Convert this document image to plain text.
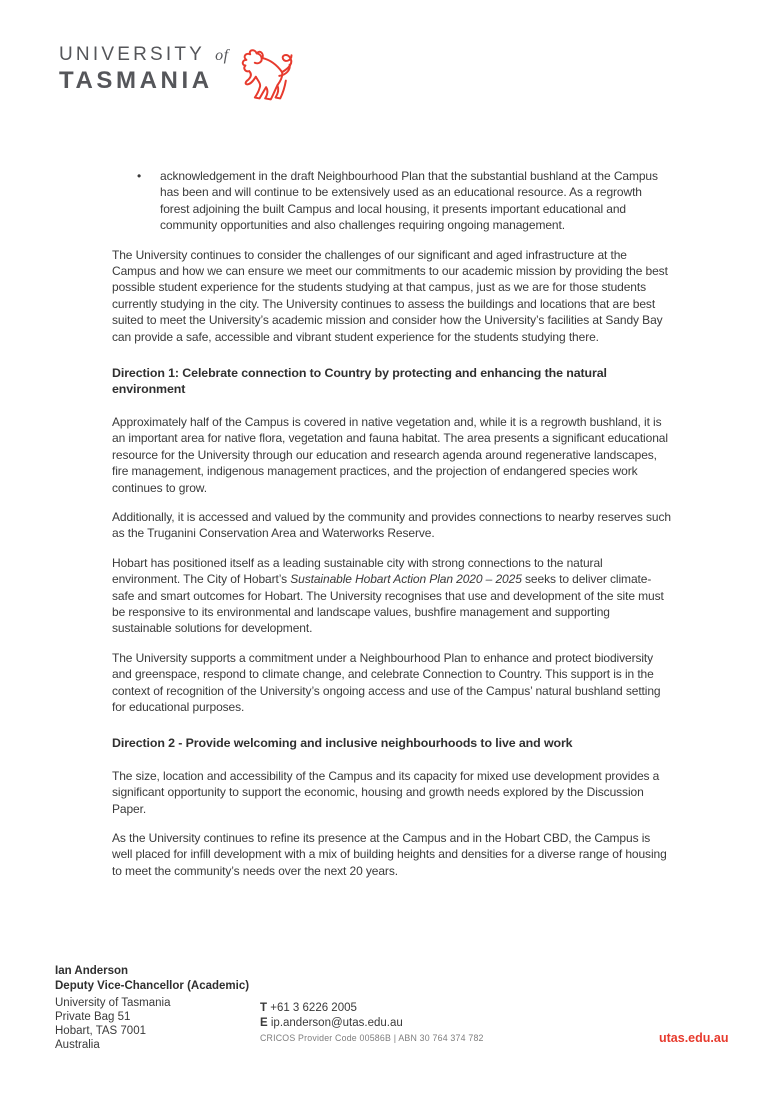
UNIVERSITY of
TASMANIA
•	acknowledgement in the draft Neighbourhood Plan that the substantial bushland at the Campus has been and will continue to be extensively used as an educational resource. As a regrowth forest adjoining the built Campus and local housing, it presents important educational and community opportunities and also challenges requiring ongoing management.

The University continues to consider the challenges of our significant and aged infrastructure at the Campus and how we can ensure we meet our commitments to our academic mission by providing the best possible student experience for the students studying at that campus, just as we are for those students currently studying in the city. The University continues to assess the buildings and locations that are best suited to meet the University’s academic mission and consider how the University’s facilities at Sandy Bay can provide a safe, accessible and vibrant student experience for the students studying there.

Direction 1: Celebrate connection to Country by protecting and enhancing the natural environment

Approximately half of the Campus is covered in native vegetation and, while it is a regrowth bushland, it is an important area for native flora, vegetation and fauna habitat. The area presents a significant educational resource for the University through our education and research agenda around regenerative landscapes, fire management, indigenous management practices, and the projection of endangered species work continues to grow.

Additionally, it is accessed and valued by the community and provides connections to nearby reserves such as the Truganini Conservation Area and Waterworks Reserve.

Hobart has positioned itself as a leading sustainable city with strong connections to the natural environment. The City of Hobart’s Sustainable Hobart Action Plan 2020 – 2025 seeks to deliver climate-safe and smart outcomes for Hobart. The University recognises that use and development of the site must be responsive to its environmental and landscape values, bushfire management and supporting sustainable solutions for development.

The University supports a commitment under a Neighbourhood Plan to enhance and protect biodiversity and greenspace, respond to climate change, and celebrate Connection to Country. This support is in the context of recognition of the University’s ongoing access and use of the Campus’ natural bushland setting for educational purposes.

Direction 2 - Provide welcoming and inclusive neighbourhoods to live and work

The size, location and accessibility of the Campus and its capacity for mixed use development provides a significant opportunity to support the economic, housing and growth needs explored by the Discussion Paper.

As the University continues to refine its presence at the Campus and in the Hobart CBD, the Campus is well placed for infill development with a mix of building heights and densities for a diverse range of housing to meet the community’s needs over the next 20 years.

Ian Anderson
Deputy Vice-Chancellor (Academic)
University of Tasmania
Private Bag 51
Hobart, TAS 7001
Australia
T +61 3 6226 2005
E ip.anderson@utas.edu.au
CRICOS Provider Code 00586B | ABN 30 764 374 782	utas.edu.au
